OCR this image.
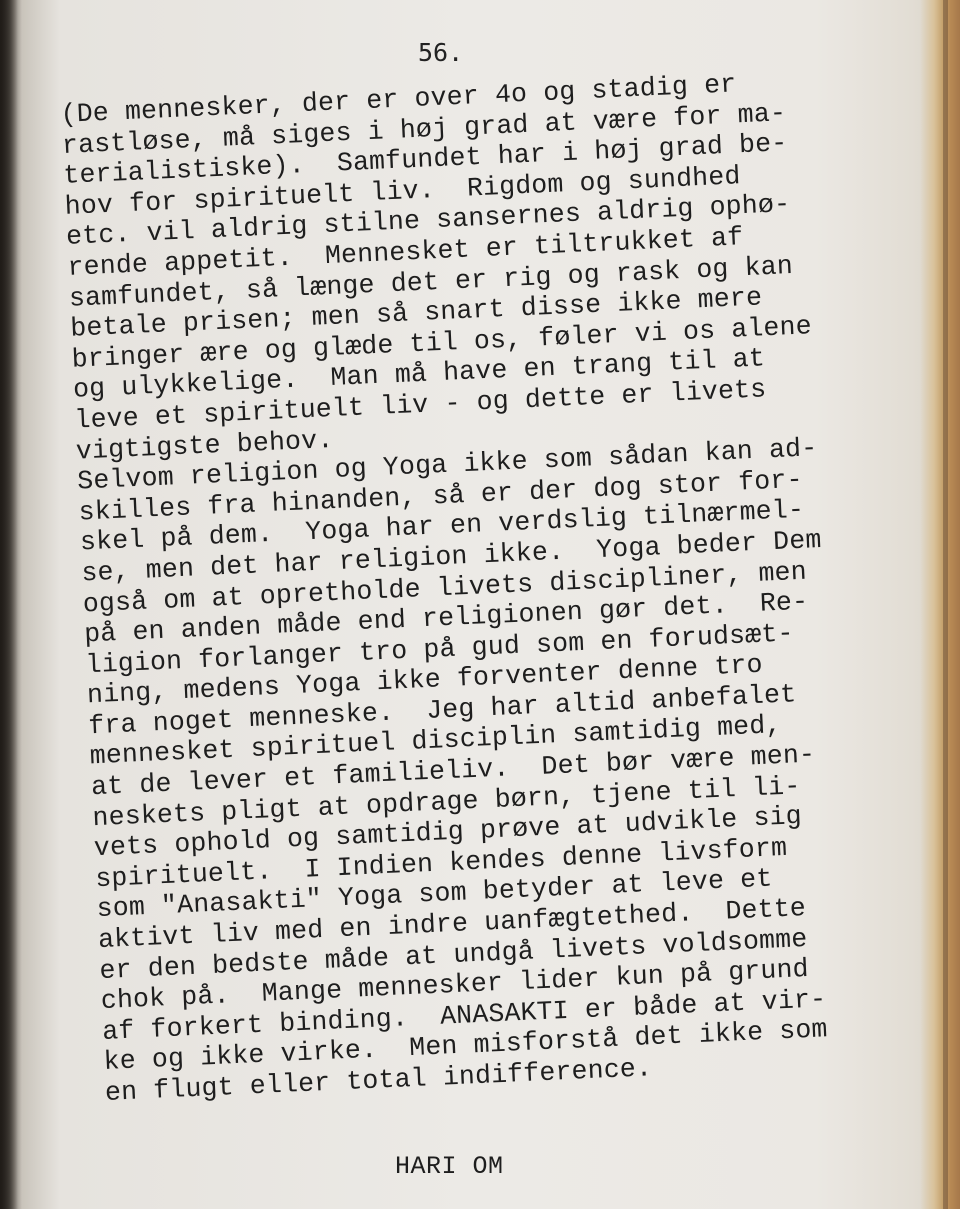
56.

(De mennesker, der er over 4o og stadig er
rastløse, må siges i høj grad at være for ma-
terialistiske).  Samfundet har i høj grad be-
hov for spirituelt liv.  Rigdom og sundhed
etc. vil aldrig stilne sansernes aldrig ophø-
rende appetit.  Mennesket er tiltrukket af
samfundet, så længe det er rig og rask og kan
betale prisen; men så snart disse ikke mere
bringer ære og glæde til os, føler vi os alene
og ulykkelige.  Man må have en trang til at
leve et spirituelt liv - og dette er livets
vigtigste behov.
Selvom religion og Yoga ikke som sådan kan ad-
skilles fra hinanden, så er der dog stor for-
skel på dem.  Yoga har en verdslig tilnærmel-
se, men det har religion ikke.  Yoga beder Dem
også om at opretholde livets discipliner, men
på en anden måde end religionen gør det.  Re-
ligion forlanger tro på gud som en forudsæt-
ning, medens Yoga ikke forventer denne tro
fra noget menneske.  Jeg har altid anbefalet
mennesket spirituel disciplin samtidig med,
at de lever et familieliv.  Det bør være men-
neskets pligt at opdrage børn, tjene til li-
vets ophold og samtidig prøve at udvikle sig
spirituelt.  I Indien kendes denne livsform
som "Anasakti" Yoga som betyder at leve et
aktivt liv med en indre uanfægtethed.  Dette
er den bedste måde at undgå livets voldsomme
chok på.  Mange mennesker lider kun på grund
af forkert binding.  ANASAKTI er både at vir-
ke og ikke virke.  Men misforstå det ikke som
en flugt eller total indifference.

HARI OM
